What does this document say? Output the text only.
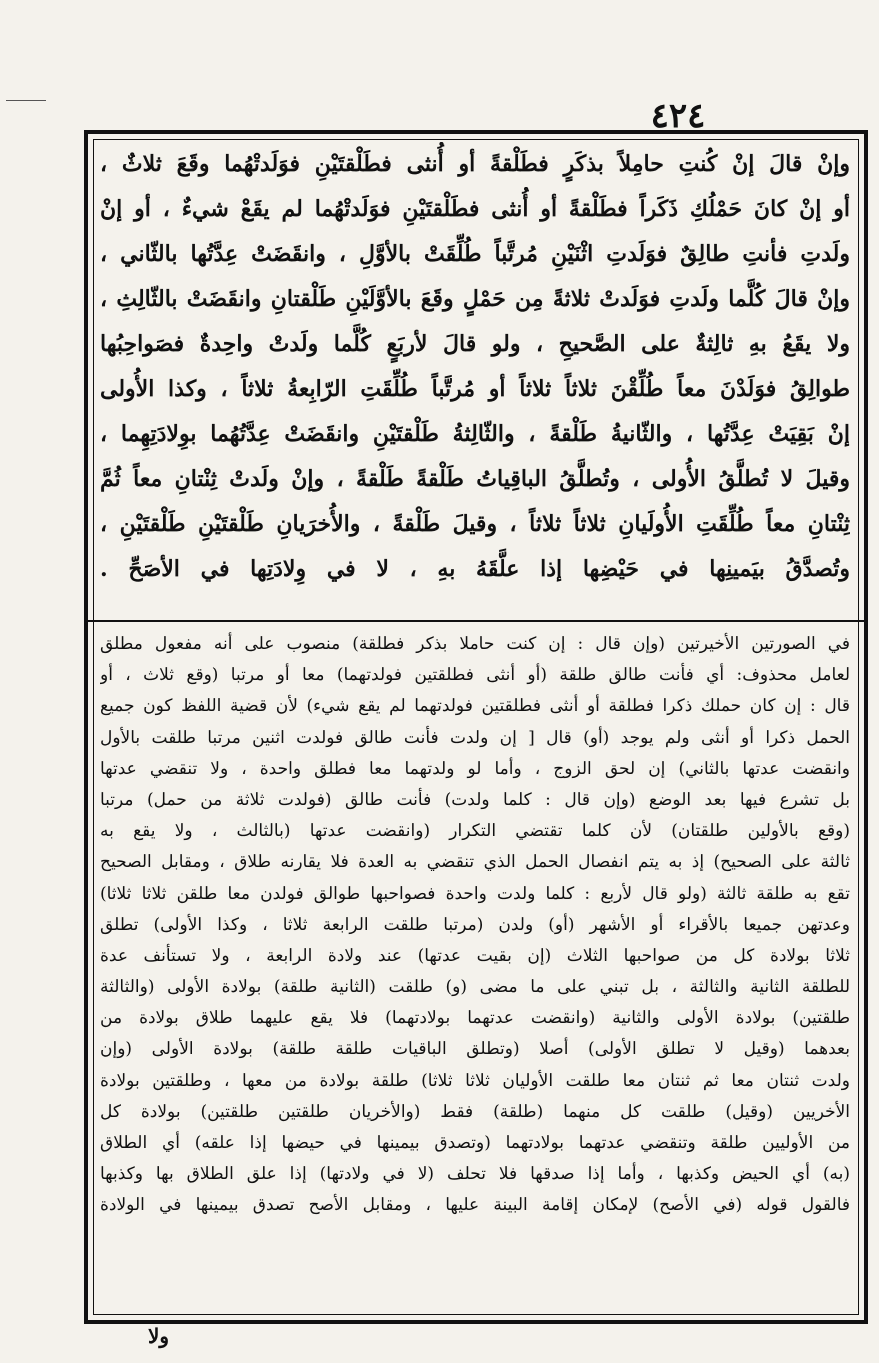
٤٢٤
وإنْ قالَ إنْ كُنتِ حامِلاً بذكَرٍ فطَلْقةً أو أُنثى فطَلْقتَيْنِ فوَلَدتْهُما وقَعَ ثلاثٌ ،
أو إنْ كانَ حَمْلُكِ ذَكَراً فطَلْقةً أو أُنثى فطَلْقتَيْنِ فوَلَدتْهُما لم يقَعْ شيءٌ ، أو إنْ
ولَدتِ فأنتِ طالِقٌ فوَلَدتِ اثْنَيْنِ مُرتَّباً طُلِّقَتْ بالأوَّلِ ، وانقَضَتْ عِدَّتُها بالثّاني ،
وإنْ قالَ كُلَّما ولَدتِ فوَلَدتْ ثلاثةً مِن حَمْلٍ وقَعَ بالأوَّلَيْنِ طَلْقتانِ وانقَضَتْ بالثّالِثِ ،
ولا يقَعُ بهِ ثالِثةٌ على الصَّحيحِ ، ولو قالَ لأربَعٍ كُلَّما ولَدتْ واحِدةٌ فصَواحِبُها
طوالِقُ فوَلَدْنَ معاً طُلِّقْنَ ثلاثاً ثلاثاً أو مُرتَّباً طُلِّقَتِ الرّابِعةُ ثلاثاً ، وكذا الأُولى
إنْ بَقِيَتْ عِدَّتُها ، والثّانيةُ طَلْقةً ، والثّالِثةُ طَلْقتَيْنِ وانقَضَتْ عِدَّتُهُما بوِلادَتِهِما ،
وقيلَ لا تُطلَّقُ الأُولى ، وتُطلَّقُ الباقِياتُ طَلْقةً طَلْقةً ، وإنْ ولَدتْ ثِنْتانِ معاً ثُمَّ
ثِنْتانِ معاً طُلِّقَتِ الأُولَيانِ ثلاثاً ثلاثاً ، وقيلَ طَلْقةً ، والأُخرَيانِ طَلْقتَيْنِ طَلْقتَيْنِ ،
وتُصدَّقُ بيَمينِها في حَيْضِها إذا علَّقَهُ بهِ ، لا في وِلادَتِها في الأصَحِّ .
في الصورتين الأخيرتين (وإن قال : إن كنت حاملا بذكر فطلقة) منصوب على أنه مفعول مطلق
لعامل محذوف: أي فأنت طالق طلقة (أو أنثى فطلقتين فولدتهما) معا أو مرتبا (وقع ثلاث ، أو
قال : إن كان حملك ذكرا فطلقة أو أنثى فطلقتين فولدتهما لم يقع شيء) لأن قضية اللفظ كون جميع
الحمل ذكرا أو أنثى ولم يوجد (أو) قال [ إن ولدت فأنت طالق فولدت اثنين مرتبا طلقت بالأول
وانقضت عدتها بالثاني) إن لحق الزوج ، وأما لو ولدتهما معا فطلق واحدة ، ولا تنقضي عدتها
بل تشرع فيها بعد الوضع (وإن قال : كلما ولدت) فأنت طالق (فولدت ثلاثة من حمل) مرتبا
(وقع بالأولين طلقتان) لأن كلما تقتضي التكرار (وانقضت عدتها (بالثالث ، ولا يقع به
ثالثة على الصحيح) إذ به يتم انفصال الحمل الذي تنقضي به العدة فلا يقارنه طلاق ، ومقابل الصحيح
تقع به طلقة ثالثة (ولو قال لأربع : كلما ولدت واحدة فصواحبها طوالق فولدن معا طلقن ثلاثا ثلاثا)
وعدتهن جميعا بالأقراء أو الأشهر (أو) ولدن (مرتبا طلقت الرابعة ثلاثا ، وكذا الأولى) تطلق
ثلاثا بولادة كل من صواحبها الثلاث (إن بقيت عدتها) عند ولادة الرابعة ، ولا تستأنف عدة
للطلقة الثانية والثالثة ، بل تبني على ما مضى (و) طلقت (الثانية طلقة) بولادة الأولى (والثالثة
طلقتين) بولادة الأولى والثانية (وانقضت عدتهما بولادتهما) فلا يقع عليهما طلاق بولادة من
بعدهما (وقيل لا تطلق الأولى) أصلا (وتطلق الباقيات طلقة طلقة) بولادة الأولى (وإن
ولدت ثنتان معا ثم ثنتان معا طلقت الأوليان ثلاثا ثلاثا) طلقة بولادة من معها ، وطلقتين بولادة
الأخريين (وقيل) طلقت كل منهما (طلقة) فقط (والأخريان طلقتين طلقتين) بولادة كل
من الأوليين طلقة وتنقضي عدتهما بولادتهما (وتصدق بيمينها في حيضها إذا علقه) أي الطلاق
(به) أي الحيض وكذبها ، وأما إذا صدقها فلا تحلف (لا في ولادتها) إذا علق الطلاق بها وكذبها
فالقول قوله (في الأصح) لإمكان إقامة البينة عليها ، ومقابل الأصح تصدق بيمينها في الولادة
ولا
